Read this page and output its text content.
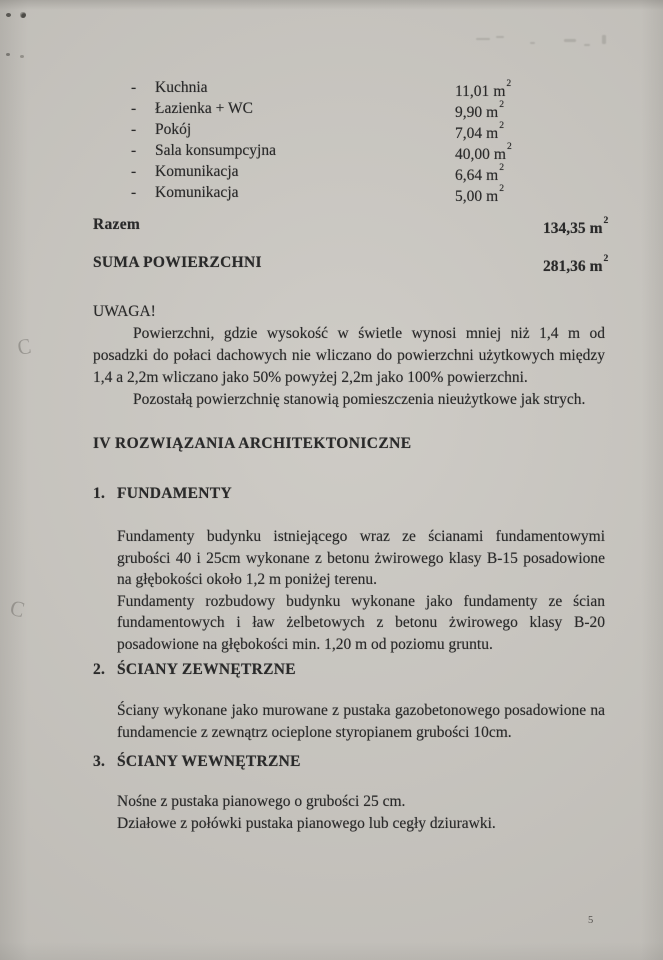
C
C
- Kuchnia	11,01 $m^2$
- Łazienka + WC	9,90 $m^2$
- Pokój	7,04 $m^2$
- Sala konsumpcyjna	40,00 $m^2$
- Komunikacja	6,64 $m^2$
- Komunikacja	5,00 $m^2$
Razem	134,35 $m^2$
SUMA POWIERZCHNI	281,36 $m^2$
UWAGA!

Powierzchni, gdzie wysokość w świetle wynosi mniej niż 1,4 m od posadzki do połaci dachowych nie wliczano do powierzchni użytkowych między 1,4 a 2,2m wliczano jako 50% powyżej 2,2m jako 100% powierzchni.

Pozostałą powierzchnię stanowią pomieszczenia nieużytkowe jak strych.

IV ROZWIĄZANIA ARCHITEKTONICZNE
1. FUNDAMENTY

Fundamenty budynku istniejącego wraz ze ścianami fundamentowymi grubości 40 i 25cm wykonane z betonu żwirowego klasy B-15 posadowione na głębokości około 1,2 m poniżej terenu.

Fundamenty rozbudowy budynku wykonane jako fundamenty ze ścian fundamentowych i ław żelbetowych z betonu żwirowego klasy B-20 posadowione na głębokości min. 1,20 m od poziomu gruntu.

2. ŚCIANY ZEWNĘTRZNE

Ściany wykonane jako murowane z pustaka gazobetonowego posadowione na fundamencie z zewnątrz ocieplone styropianem grubości 10cm.

3. ŚCIANY WEWNĘTRZNE

Nośne z pustaka pianowego o grubości 25 cm.

Działowe z połówki pustaka pianowego lub cegły dziurawki.

5
